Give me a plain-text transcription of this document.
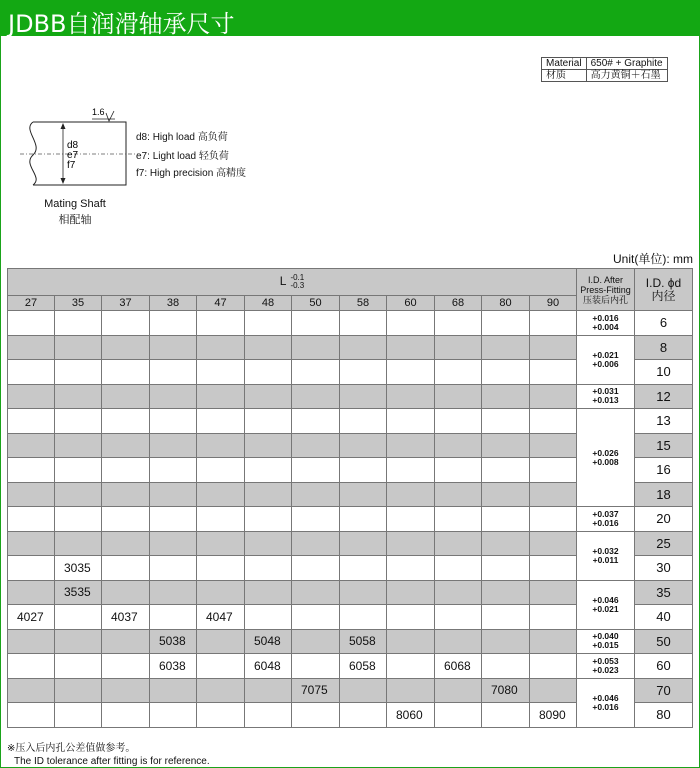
JDBB自润滑轴承尺寸
Material	650# + Graphite
材质	高力黄铜＋石墨
1.6
d8
e7
f7
d8: High load 高负荷
e7: Light load 轻负荷
f7: High precision 高精度
Mating Shaft
相配轴
Unit(单位): mm
L -0.1
-0.3												I.D. After
Press-Fitting
压装后内孔	I.D. ϕd
内径
27	35	37	38	47	48	50	58	60	68	80	90		

												+0.016
+0.004	6

												+0.021
+0.006	8
													10

												+0.031
+0.013	12

												+0.026
+0.008	13
													15
													16
													18

												+0.037
+0.016	20

												+0.032
+0.011	25
	3035												30
	3535											+0.046
+0.021	35
4027		4037		4047									40
			5038		5048		5058					+0.040
+0.015	50
			6038		6048		6058		6068			+0.053
+0.023	60
						7075				7080		+0.046
+0.016	70
								8060			8090		80
※压入后内孔公差值做参考。
The ID tolerance after fitting is for reference.
